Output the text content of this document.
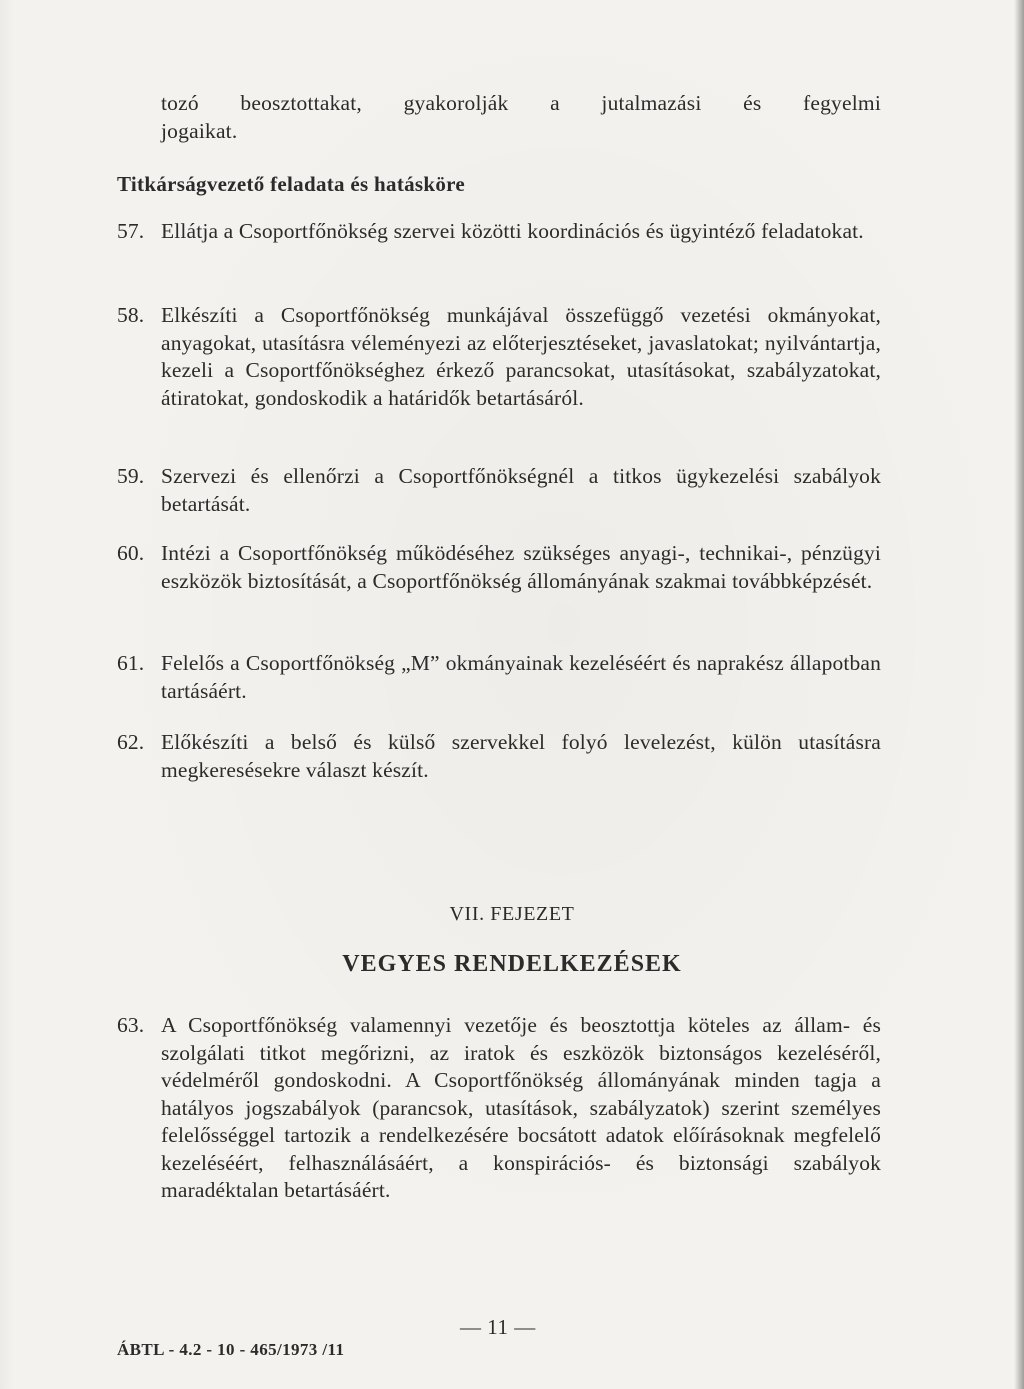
tozó beosztottakat, gyakorolják a jutalmazási és fegyelmi
jogaikat.
Titkárságvezető feladata és hatásköre
57. Ellátja a Csoportfőnökség szervei közötti koordinációs és ügyintéző feladatokat.
58. Elkészíti a Csoportfőnökség munkájával összefüggő vezetési okmányokat, anyagokat, utasításra véleményezi az előterjesztéseket, javaslatokat; nyilvántartja, kezeli a Csoportfőnökséghez érkező parancsokat, utasításokat, szabályzatokat, átiratokat, gondoskodik a határidők betartásáról.
59. Szervezi és ellenőrzi a Csoportfőnökségnél a titkos ügykezelési szabályok betartását.
60. Intézi a Csoportfőnökség működéséhez szükséges anyagi-, technikai-, pénzügyi eszközök biztosítását, a Csoportfőnökség állományának szakmai továbbképzését.
61. Felelős a Csoportfőnökség „M” okmányainak kezeléséért és naprakész állapotban tartásáért.
62. Előkészíti a belső és külső szervekkel folyó levelezést, külön utasításra megkeresésekre választ készít.
VII. FEJEZET
VEGYES RENDELKEZÉSEK
63. A Csoportfőnökség valamennyi vezetője és beosztottja köteles az állam- és szolgálati titkot megőrizni, az iratok és eszközök biztonságos kezeléséről, védelméről gondoskodni. A Csoportfőnökség állományának minden tagja a hatályos jogszabályok (parancsok, utasítások, szabályzatok) szerint személyes felelősséggel tartozik a rendelkezésére bocsátott adatok előírásoknak megfelelő kezeléséért, felhasználásáért, a konspirációs- és biztonsági szabályok maradéktalan betartásáért.
— 11 —
ÁBTL - 4.2 - 10 - 465/1973 /11
